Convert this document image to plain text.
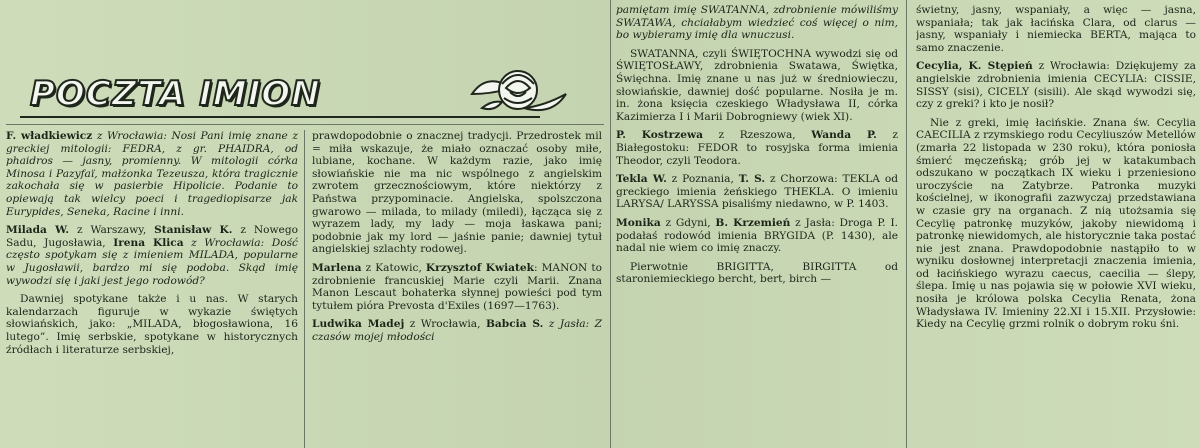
POCZTA IMION

F. władkiewicz z Wrocławia: Nosi Pani imię znane z greckiej mitologii: FEDRA, z gr. PHAIDRA, od phaidros — jasny, promienny. W mitologii córka Minosa i Pazyfaï, małżonka Tezeusza, która tragicznie zakochała się w pasierbie Hipolicie. Podanie to opiewają tak wielcy poeci i tragediopisarze jak Eurypides, Seneka, Racine i inni.

Milada W. z Warszawy, Stanisław K. z Nowego Sadu, Jugosławia, Irena Klica z Wrocławia: Dość często spotykam się z imieniem MILADA, popularne w Jugosławii, bardzo mi się podoba. Skąd imię wywodzi się i jaki jest jego rodowód?

Dawniej spotykane także i u nas. W starych kalendarzach figuruje w wykazie świętych słowiańskich, jako: „MILADA, błogosławiona, 16 lutego”. Imię serbskie, spotykane w historycznych źródłach i literaturze serbskiej,

prawdopodobnie o znacznej tradycji. Przedrostek mil = miła wskazuje, że miało oznaczać osoby miłe, lubiane, kochane. W każdym razie, jako imię słowiańskie nie ma nic wspólnego z angielskim zwrotem grzecznościowym, które niektórzy z Państwa przypominacie. Angielska, spolszczona gwarowo — milada, to milady (miledi), łącząca się z wyrazem lady, my lady — moja łaskawa pani; podobnie jak my lord — jaśnie panie; dawniej tytuł angielskiej szlachty rodowej.

Marlena z Katowic, Krzysztof Kwiatek: MANON to zdrobnienie francuskiej Marie czyli Marii. Znana Manon Lescaut bohaterka słynnej powieści pod tym tytułem pióra Prevosta d'Exiles (1697—1763).

Ludwika Madej z Wrocławia, Babcia S. z Jasła: Z czasów mojej młodości

pamiętam imię SWATANNA, zdrobnienie mówiliśmy SWATAWA, chciałabym wiedzieć coś więcej o nim, bo wybieramy imię dla wnuczusi.

SWATANNA, czyli ŚWIĘTOCHNA wywodzi się od ŚWIĘTOSŁAWY, zdrobnienia Swatawa, Świętka, Święchna. Imię znane u nas już w średniowieczu, słowiańskie, dawniej dość popularne. Nosiła je m. in. żona księcia czeskiego Władysława II, córka Kazimierza I i Marii Dobrogniewy (wiek XI).

P. Kostrzewa z Rzeszowa, Wanda P. z Białegostoku: FEDOR to rosyjska forma imienia Theodor, czyli Teodora.

Tekla W. z Poznania, T. S. z Chorzowa: TEKLA od greckiego imienia żeńskiego THEKLA. O imieniu LARYSA/ LARYSSA pisaliśmy niedawno, w P. 1403.

Monika z Gdyni, B. Krzemień z Jasła: Droga P. I. podałaś rodowód imienia BRYGIDA (P. 1430), ale nadal nie wiem co imię znaczy.

Pierwotnie BRIGITTA, BIRGITTA od staroniemieckiego bercht, bert, birch —

świetny, jasny, wspaniały, a więc — jasna, wspaniała; tak jak łacińska Clara, od clarus — jasny, wspaniały i niemiecka BERTA, mająca to samo znaczenie.

Cecylia, K. Stępień z Wrocławia: Dziękujemy za angielskie zdrobnienia imienia CECYLIA: CISSIE, SISSY (sisi), CICELY (sisili). Ale skąd wywodzi się, czy z greki? i kto je nosił?

Nie z greki, imię łacińskie. Znana św. Cecylia CAECILIA z rzymskiego rodu Cecyliuszów Metellów (zmarła 22 listopada w 230 roku), która poniosła śmierć męczeńską; grób jej w katakumbach odszukano w początkach IX wieku i przeniesiono uroczyście na Zatybrze. Patronka muzyki kościelnej, w ikonografii zazwyczaj przedstawiana w czasie gry na organach. Z nią utożsamia się Cecylię patronkę muzyków, jakoby niewidomą i patronkę niewidomych, ale historycznie taka postać nie jest znana. Prawdopodobnie nastąpiło to w wyniku dosłownej interpretacji znaczenia imienia, od łacińskiego wyrazu caecus, caecilia — ślepy, ślepa. Imię u nas pojawia się w połowie XVI wieku, nosiła je królowa polska Cecylia Renata, żona Władysława IV. Imieniny 22.XI i 15.XII. Przysłowie: Kiedy na Cecylię grzmi rolnik o dobrym roku śni.
